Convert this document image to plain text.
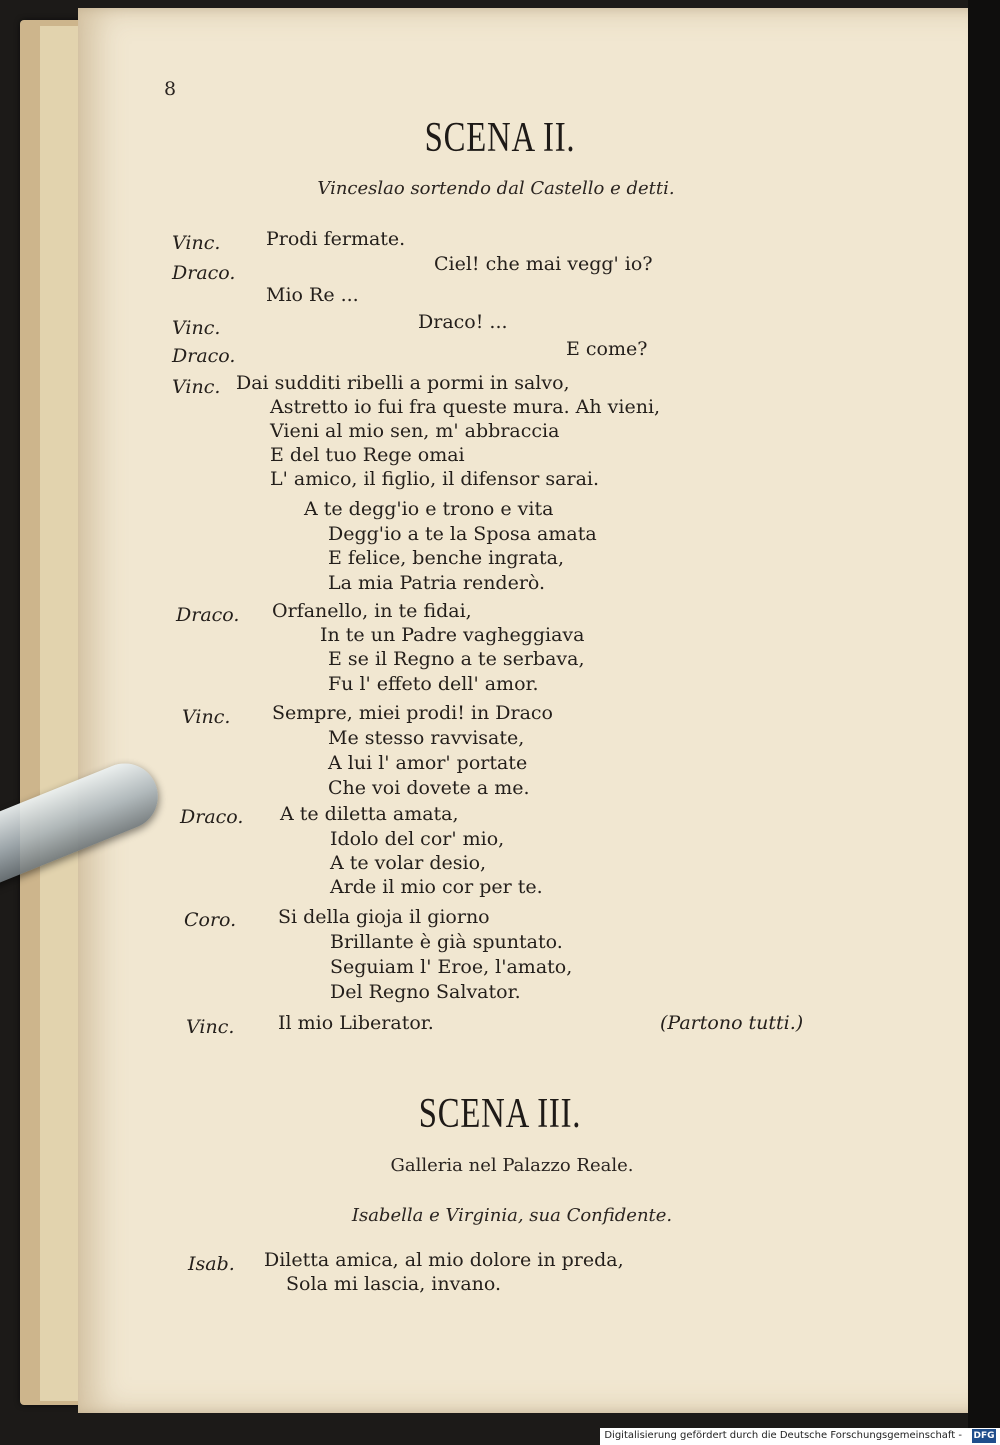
8
SCENA II.
Vinceslao sortendo dal Castello e detti.
Vinc. Prodi fermate.
Draco.	Ciel! che mai vegg' io?
Mio Re ...
Vinc.	Draco! ...
Draco.	E come?
Vinc. Dai sudditi ribelli a pormi in salvo,
Astretto io fui fra queste mura. Ah vieni,
Vieni al mio sen, m' abbraccia
E del tuo Rege omai
L' amico, il figlio, il difensor sarai.
A te degg'io e trono e vita
Degg'io a te la Sposa amata
E felice, benche ingrata,
La mia Patria renderò.
Draco. Orfanello, in te fidai,
In te un Padre vagheggiava
E se il Regno a te serbava,
Fu l' effeto dell' amor.
Vinc. Sempre, miei prodi! in Draco
Me stesso ravvisate,
A lui l' amor' portate
Che voi dovete a me.
Draco. A te diletta amata,
Idolo del cor' mio,
A te volar desio,
Arde il mio cor per te.
Coro. Si della gioja il giorno
Brillante è già spuntato.
Seguiam l' Eroe, l'amato,
Del Regno Salvator.
Vinc. Il mio Liberator.	(Partono tutti.)
SCENA III.
Galleria nel Palazzo Reale.
Isabella e Virginia, sua Confidente.
Isab. Diletta amica, al mio dolore in preda,
Sola mi lascia, invano.
Digitalisierung gefördert durch die Deutsche Forschungsgemeinschaft - DFG
